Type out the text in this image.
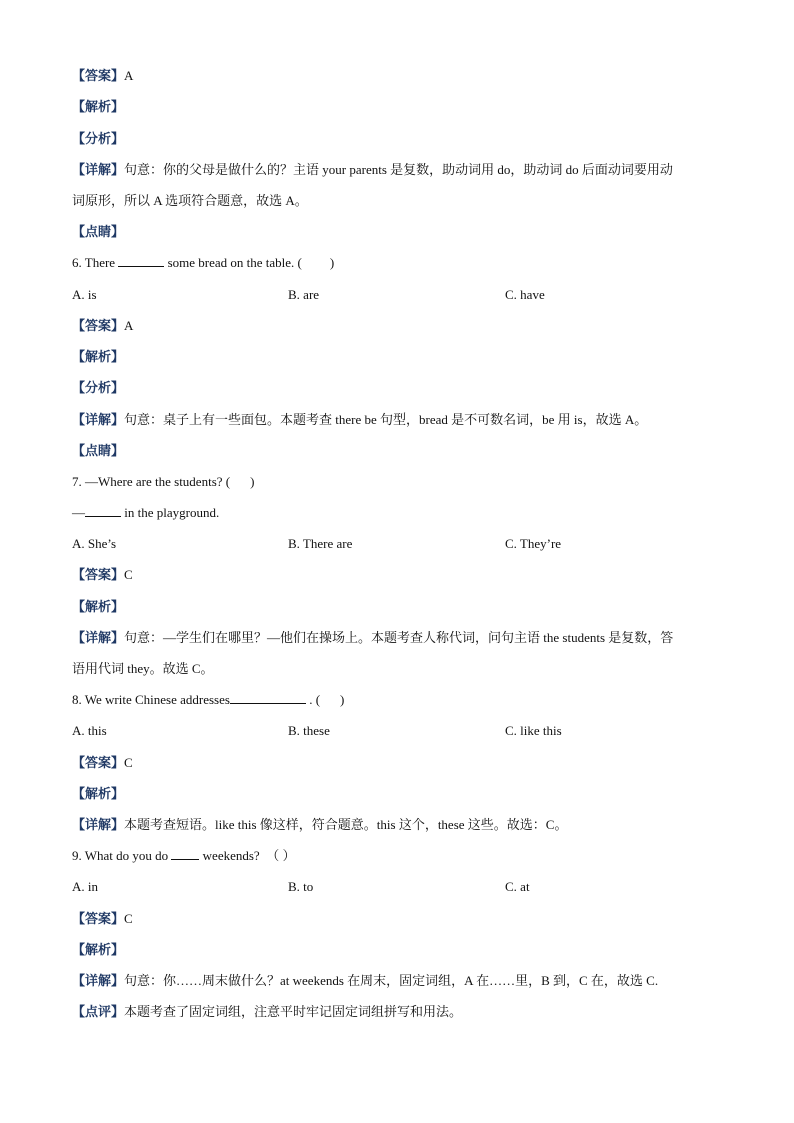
【答案】A
【解析】
【分析】
【详解】句意：你的父母是做什么的？主语 your parents 是复数，助动词用 do，助动词 do 后面动词要用动
词原形，所以 A 选项符合题意，故选 A。
【点睛】
6. There	some bread on the table. ( )
A. is	B. are	C. have
【答案】A
【解析】
【分析】
【详解】句意：桌子上有一些面包。本题考查 there be 句型，bread 是不可数名词，be 用 is，故选 A。
【点睛】
7. —Where are the students? ( )
—	in the playground.
A. She’s	B. There are	C. They’re
【答案】C
【解析】
【详解】句意：—学生们在哪里？—他们在操场上。本题考查人称代词，问句主语 the students 是复数，答
语用代词 they。故选 C。
8. We write Chinese addresses	. ( )
A. this	B. these	C. like this
【答案】C
【解析】
【详解】本题考查短语。like this 像这样，符合题意。this 这个，these 这些。故选：C。
9. What do you do  weekends? （ ）
A. in	B. to	C. at
【答案】C
【解析】
【详解】句意：你……周末做什么？at weekends 在周末，固定词组，A 在……里，B 到，C 在，故选 C.
【点评】本题考查了固定词组，注意平时牢记固定词组拼写和用法。
